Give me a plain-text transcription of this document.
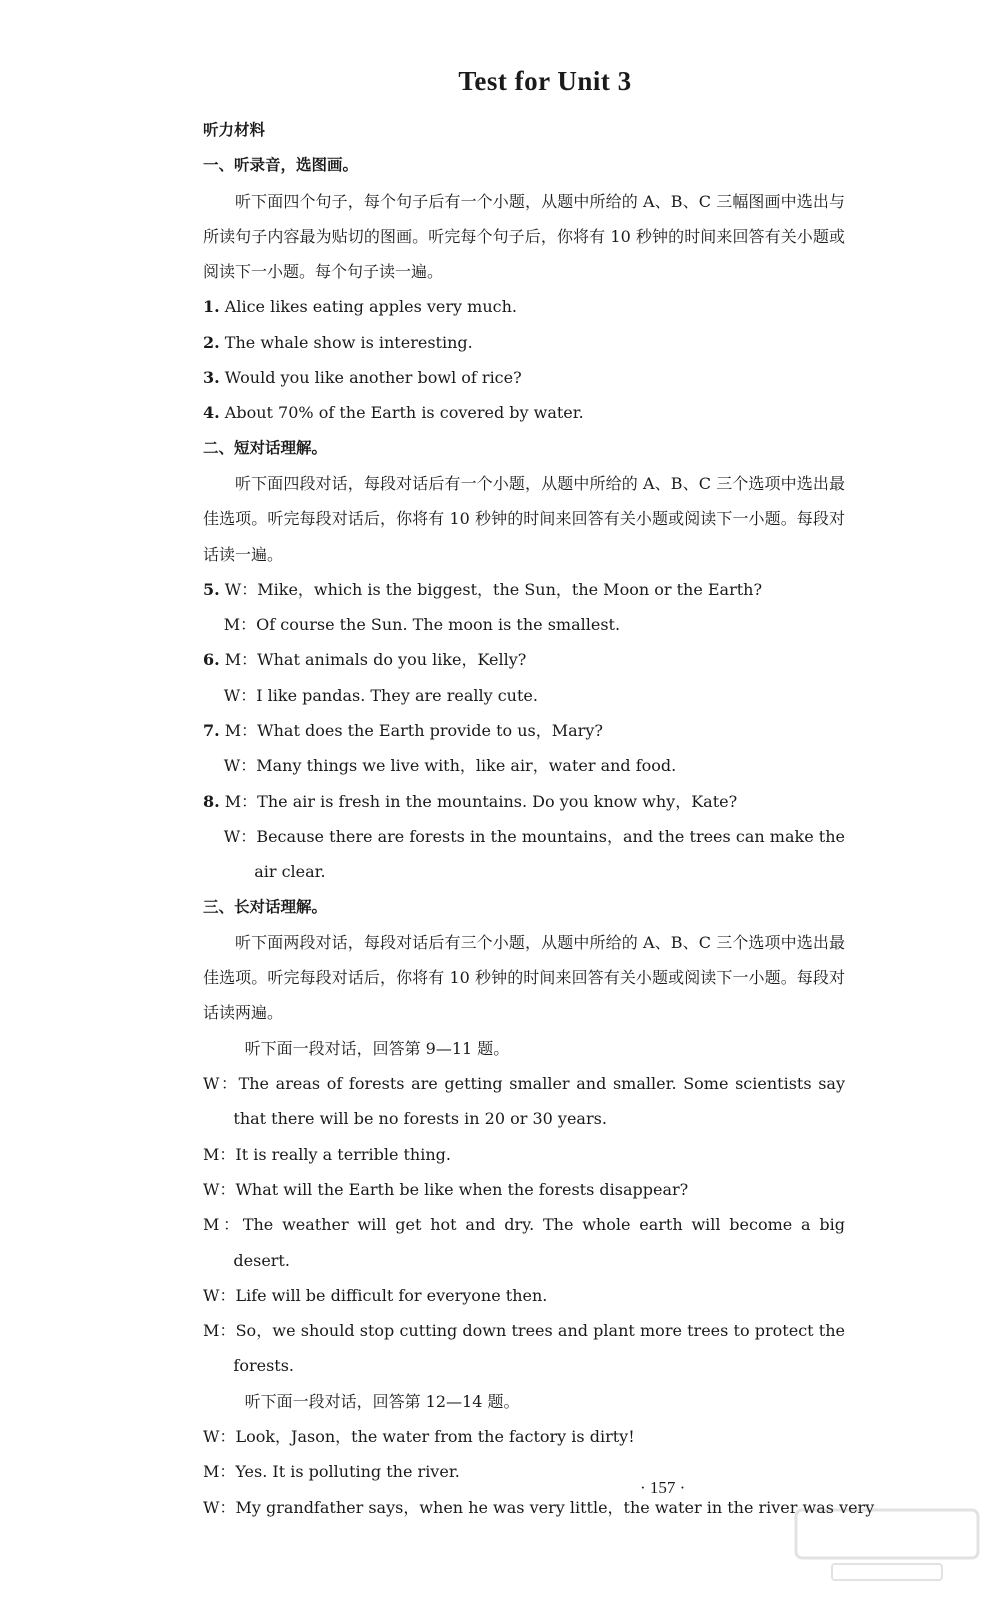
Test for Unit 3
听力材料
一、听录音，选图画。
听下面四个句子，每个句子后有一个小题，从题中所给的 A、B、C 三幅图画中选出与所读句子内容最为贴切的图画。听完每个句子后，你将有 10 秒钟的时间来回答有关小题或阅读下一小题。每个句子读一遍。
1. Alice likes eating apples very much.
2. The whale show is interesting.
3. Would you like another bowl of rice?
4. About 70% of the Earth is covered by water.
二、短对话理解。
听下面四段对话，每段对话后有一个小题，从题中所给的 A、B、C 三个选项中选出最佳选项。听完每段对话后，你将有 10 秒钟的时间来回答有关小题或阅读下一小题。每段对话读一遍。
5. W：Mike，which is the biggest，the Sun，the Moon or the Earth?
M：Of course the Sun. The moon is the smallest.
6. M：What animals do you like，Kelly?
W：I like pandas. They are really cute.
7. M：What does the Earth provide to us，Mary?
W：Many things we live with，like air，water and food.
8. M：The air is fresh in the mountains. Do you know why，Kate?
W：Because there are forests in the mountains，and the trees can make the air clear.
三、长对话理解。
听下面两段对话，每段对话后有三个小题，从题中所给的 A、B、C 三个选项中选出最佳选项。听完每段对话后，你将有 10 秒钟的时间来回答有关小题或阅读下一小题。每段对话读两遍。
听下面一段对话，回答第 9—11 题。
W：The areas of forests are getting smaller and smaller. Some scientists say that there will be no forests in 20 or 30 years.
M：It is really a terrible thing.
W：What will the Earth be like when the forests disappear?
M：The weather will get hot and dry. The whole earth will become a big desert.
W：Life will be difficult for everyone then.
M：So，we should stop cutting down trees and plant more trees to protect the forests.
听下面一段对话，回答第 12—14 题。
W：Look，Jason，the water from the factory is dirty!
M：Yes. It is polluting the river.
W：My grandfather says，when he was very little，the water in the river was very
· 157 ·
